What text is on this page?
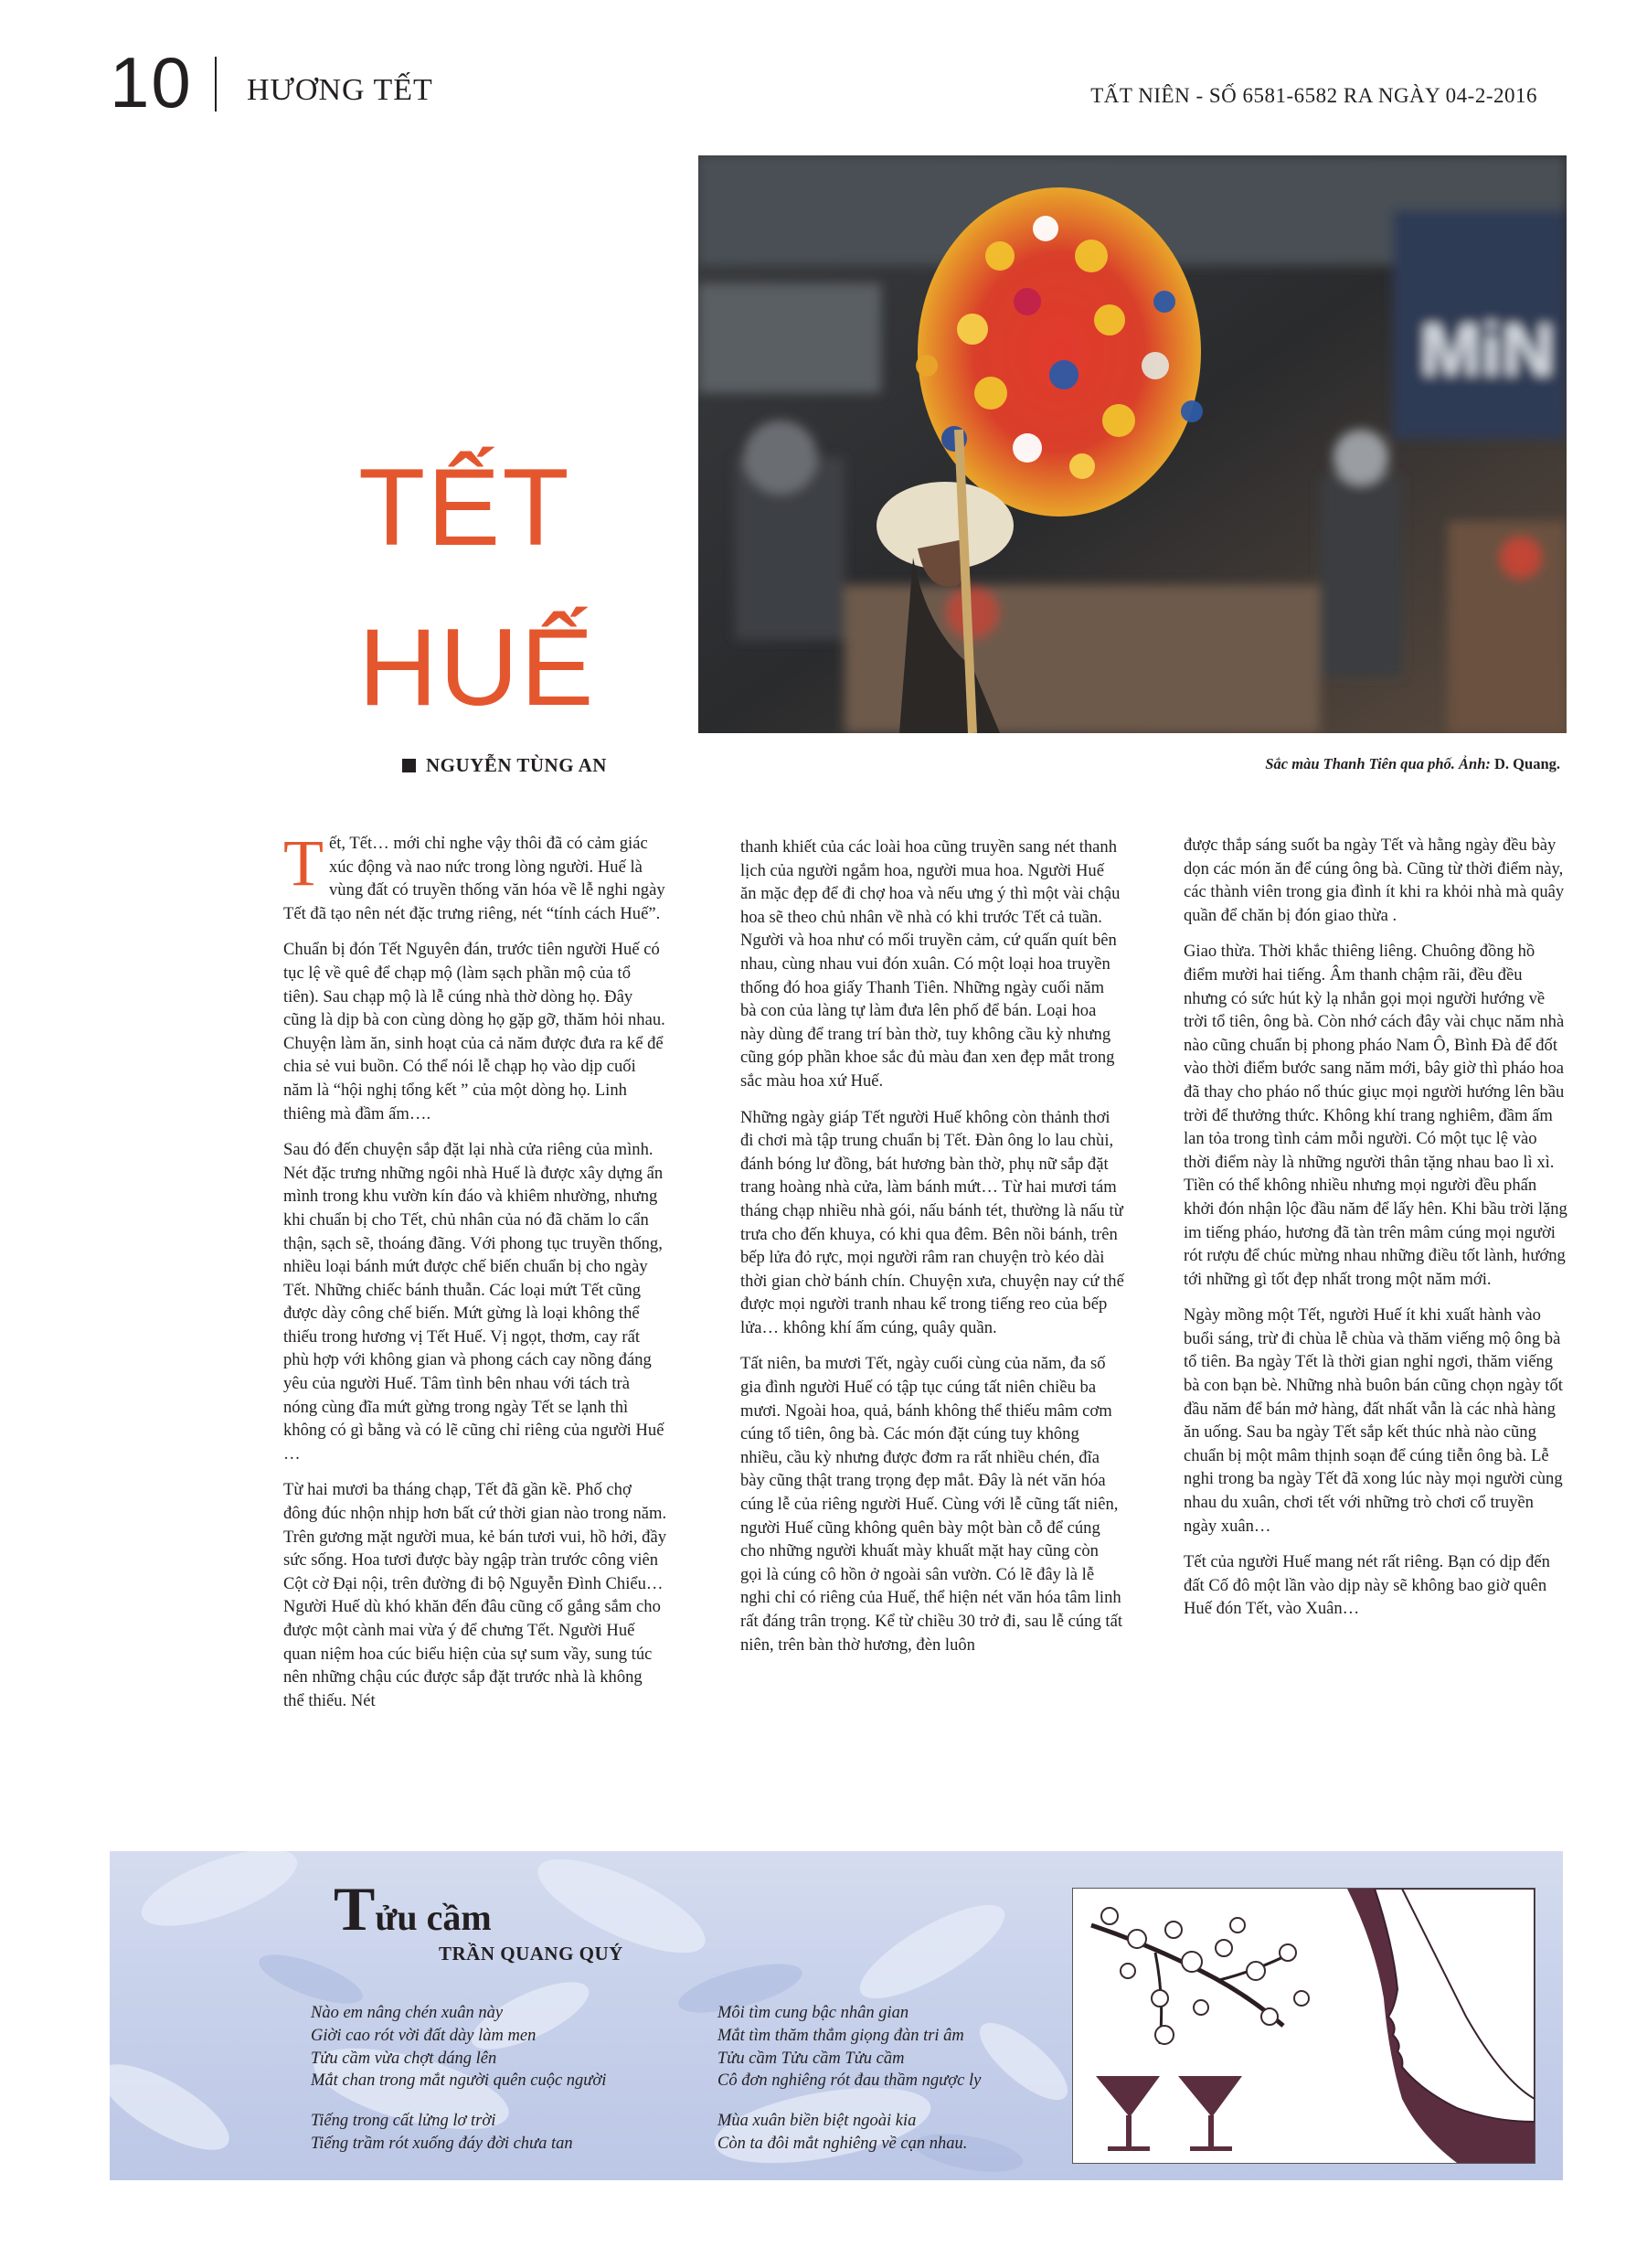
10 HƯƠNG TẾT	TẤT NIÊN - SỐ 6581-6582 RA NGÀY 04-2-2016
MiN
Sắc màu Thanh Tiên qua phố. Ảnh: D. Quang.
TẾT
HUẾ
NGUYỄN TÙNG AN

Tết, Tết… mới chỉ nghe vậy thôi đã có cảm giác xúc động và nao nức trong lòng người. Huế là vùng đất có truyền thống văn hóa về lễ nghi ngày Tết đã tạo nên nét đặc trưng riêng, nét “tính cách Huế”.

Chuẩn bị đón Tết Nguyên đán, trước tiên người Huế có tục lệ về quê để chạp mộ (làm sạch phần mộ của tổ tiên). Sau chạp mộ là lễ cúng nhà thờ dòng họ. Đây cũng là dịp bà con cùng dòng họ gặp gỡ, thăm hỏi nhau. Chuyện làm ăn, sinh hoạt của cả năm được đưa ra kể để chia sẻ vui buồn. Có thể nói lễ chạp họ vào dịp cuối năm là “hội nghị tổng kết ” của một dòng họ. Linh thiêng mà đầm ấm….

Sau đó đến chuyện sắp đặt lại nhà cửa riêng của mình. Nét đặc trưng những ngôi nhà Huế là được xây dựng ẩn mình trong khu vườn kín đáo và khiêm nhường, nhưng khi chuẩn bị cho Tết, chủ nhân của nó đã chăm lo cẩn thận, sạch sẽ, thoáng đãng. Với phong tục truyền thống, nhiều loại bánh mứt được chế biến chuẩn bị cho ngày Tết. Những chiếc bánh thuẫn. Các loại mứt Tết cũng được dày công chế biến. Mứt gừng là loại không thể thiếu trong hương vị Tết Huế. Vị ngọt, thơm, cay rất phù hợp với không gian và phong cách cay nồng đáng yêu của người Huế. Tâm tình bên nhau với tách trà nóng cùng đĩa mứt gừng trong ngày Tết se lạnh thì không có gì bằng và có lẽ cũng chỉ riêng của người Huế …

Từ hai mươi ba tháng chạp, Tết đã gần kề. Phố chợ đông đúc nhộn nhịp hơn bất cứ thời gian nào trong năm. Trên gương mặt người mua, kẻ bán tươi vui, hồ hởi, đầy sức sống. Hoa tươi được bày ngập tràn trước công viên Cột cờ Đại nội, trên đường đi bộ Nguyễn Đình Chiểu… Người Huế dù khó khăn đến đâu cũng cố gắng sắm cho được một cành mai vừa ý để chưng Tết. Người Huế quan niệm hoa cúc biểu hiện của sự sum vầy, sung túc nên những chậu cúc được sắp đặt trước nhà là không thể thiếu. Nét

thanh khiết của các loài hoa cũng truyền sang nét thanh lịch của người ngắm hoa, người mua hoa. Người Huế ăn mặc đẹp để đi chợ hoa và nếu ưng ý thì một vài chậu hoa sẽ theo chủ nhân về nhà có khi trước Tết cả tuần. Người và hoa như có mối truyền cảm, cứ quấn quít bên nhau, cùng nhau vui đón xuân. Có một loại hoa truyền thống đó hoa giấy Thanh Tiên. Những ngày cuối năm bà con của làng tự làm đưa lên phố để bán. Loại hoa này dùng để trang trí bàn thờ, tuy không cầu kỳ nhưng cũng góp phần khoe sắc đủ màu đan xen đẹp mắt trong sắc màu hoa xứ Huế.

Những ngày giáp Tết người Huế không còn thảnh thơi đi chơi mà tập trung chuẩn bị Tết. Đàn ông lo lau chùi, đánh bóng lư đồng, bát hương bàn thờ, phụ nữ sắp đặt trang hoàng nhà cửa, làm bánh mứt… Từ hai mươi tám tháng chạp nhiều nhà gói, nấu bánh tét, thường là nấu từ trưa cho đến khuya, có khi qua đêm. Bên nồi bánh, trên bếp lửa đỏ rực, mọi người râm ran chuyện trò kéo dài thời gian chờ bánh chín. Chuyện xưa, chuyện nay cứ thế được mọi người tranh nhau kể trong tiếng reo của bếp lửa… không khí ấm cúng, quây quần.

Tất niên, ba mươi Tết, ngày cuối cùng của năm, đa số gia đình người Huế có tập tục cúng tất niên chiều ba mươi. Ngoài hoa, quả, bánh không thể thiếu mâm cơm cúng tổ tiên, ông bà. Các món đặt cúng tuy không nhiều, cầu kỳ nhưng được đơm ra rất nhiều chén, đĩa bày cũng thật trang trọng đẹp mắt. Đây là nét văn hóa cúng lễ của riêng người Huế. Cùng với lễ cũng tất niên, người Huế cũng không quên bày một bàn cỗ để cúng cho những người khuất mày khuất mặt hay cũng còn gọi là cúng cô hồn ở ngoài sân vườn. Có lẽ đây là lễ nghi chỉ có riêng của Huế, thể hiện nét văn hóa tâm linh rất đáng trân trọng. Kể từ chiều 30 trở đi, sau lễ cúng tất niên, trên bàn thờ hương, đèn luôn

được thắp sáng suốt ba ngày Tết và hằng ngày đều bày dọn các món ăn để cúng ông bà. Cũng từ thời điểm này, các thành viên trong gia đình ít khi ra khỏi nhà mà quây quần để chăn bị đón giao thừa .

Giao thừa. Thời khắc thiêng liêng. Chuông đồng hồ điểm mười hai tiếng. Âm thanh chậm rãi, đều đều nhưng có sức hút kỳ lạ nhắn gọi mọi người hướng về trời tổ tiên, ông bà. Còn nhớ cách đây vài chục năm nhà nào cũng chuẩn bị phong pháo Nam Ô, Bình Đà để đốt vào thời điểm bước sang năm mới, bây giờ thì pháo hoa đã thay cho pháo nổ thúc giục mọi người hướng lên bầu trời để thưởng thức. Không khí trang nghiêm, đầm ấm lan tỏa trong tình cảm mỗi người. Có một tục lệ vào thời điểm này là những người thân tặng nhau bao lì xì. Tiền có thể không nhiều nhưng mọi người đều phấn khởi đón nhận lộc đầu năm để lấy hên. Khi bầu trời lặng im tiếng pháo, hương đã tàn trên mâm cúng mọi người rót rượu để chúc mừng nhau những điều tốt lành, hướng tới những gì tốt đẹp nhất trong một năm mới.

Ngày mồng một Tết, người Huế ít khi xuất hành vào buổi sáng, trừ đi chùa lễ chùa và thăm viếng mộ ông bà tổ tiên. Ba ngày Tết là thời gian nghỉ ngơi, thăm viếng bà con bạn bè. Những nhà buôn bán cũng chọn ngày tốt đầu năm để bán mở hàng, đất nhất vẫn là các nhà hàng ăn uống. Sau ba ngày Tết sắp kết thúc nhà nào cũng chuẩn bị một mâm thịnh soạn để cúng tiễn ông bà. Lễ nghi trong ba ngày Tết đã xong lúc này mọi người cùng nhau du xuân, chơi tết với những trò chơi cổ truyền ngày xuân…

Tết của người Huế mang nét rất riêng. Bạn có dịp đến đất Cố đô một lần vào dịp này sẽ không bao giờ quên Huế đón Tết, vào Xuân…

Tửu cầm
TRẦN QUANG QUÝ
Nào em nâng chén xuân này
Giời cao rót vời đất dày làm men
Tửu cầm vừa chợt dáng lên
Mắt chan trong mắt người quên cuộc người
Tiếng trong cất lửng lơ trời
Tiếng trầm rót xuống đáy đời chưa tan
Môi tìm cung bậc nhân gian
Mắt tìm thăm thẳm giọng đàn tri âm
Tửu cầm Tửu cầm Tửu cầm
Cô đơn nghiêng rót đau thầm ngược ly
Mùa xuân biền biệt ngoài kia
Còn ta đôi mắt nghiêng về cạn nhau.
